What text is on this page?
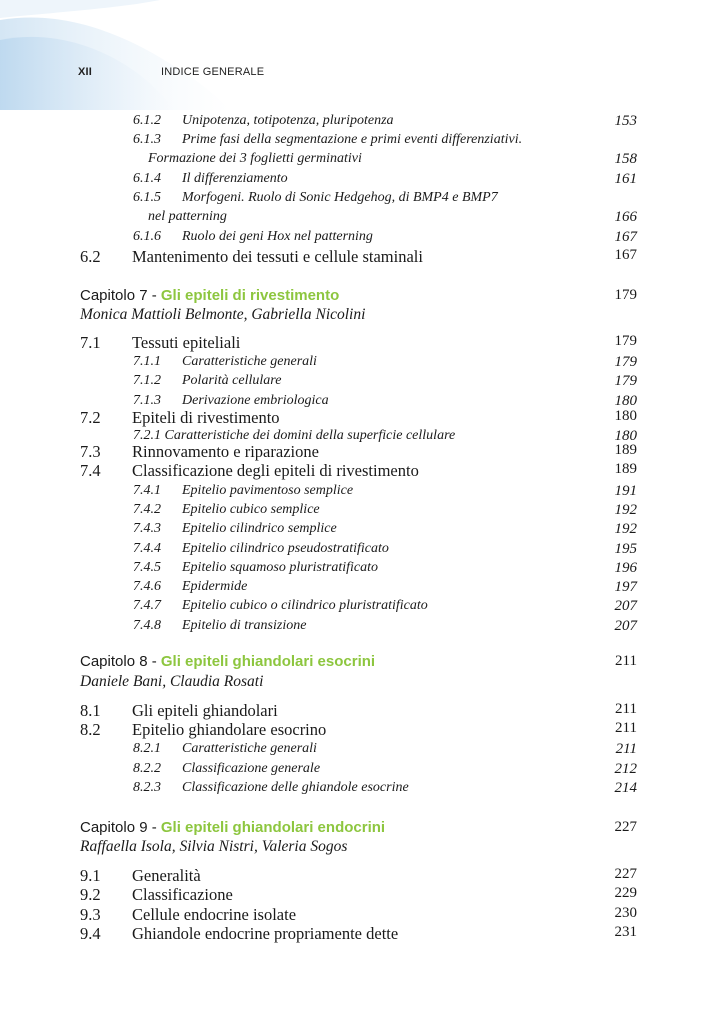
XII	INDICE GENERALE
6.1.2 Unipotenza, totipotenza, pluripotenza	153
6.1.3 Prime fasi della segmentazione e primi eventi differenziativi.
Formazione dei 3 foglietti germinativi	158
6.1.4 Il differenziamento	161
6.1.5 Morfogeni. Ruolo di Sonic Hedgehog, di BMP4 e BMP7
nel patterning	166
6.1.6 Ruolo dei geni Hox nel patterning	167
6.2 Mantenimento dei tessuti e cellule staminali	167
Capitolo 7 - Gli epiteli di rivestimento	179
Monica Mattioli Belmonte, Gabriella Nicolini
7.1 Tessuti epiteliali	179
7.1.1 Caratteristiche generali	179
7.1.2 Polarità cellulare	179
7.1.3 Derivazione embriologica	180
7.2 Epiteli di rivestimento	180
7.2.1 Caratteristiche dei domini della superficie cellulare	180
7.3 Rinnovamento e riparazione	189
7.4 Classificazione degli epiteli di rivestimento	189
7.4.1 Epitelio pavimentoso semplice	191
7.4.2 Epitelio cubico semplice	192
7.4.3 Epitelio cilindrico semplice	192
7.4.4 Epitelio cilindrico pseudostratificato	195
7.4.5 Epitelio squamoso pluristratificato	196
7.4.6 Epidermide	197
7.4.7 Epitelio cubico o cilindrico pluristratificato	207
7.4.8 Epitelio di transizione	207
Capitolo 8 - Gli epiteli ghiandolari esocrini	211
Daniele Bani, Claudia Rosati
8.1 Gli epiteli ghiandolari	211
8.2 Epitelio ghiandolare esocrino	211
8.2.1 Caratteristiche generali	211
8.2.2 Classificazione generale	212
8.2.3 Classificazione delle ghiandole esocrine	214
Capitolo 9 - Gli epiteli ghiandolari endocrini	227
Raffaella Isola, Silvia Nistri, Valeria Sogos
9.1 Generalità	227
9.2 Classificazione	229
9.3 Cellule endocrine isolate	230
9.4 Ghiandole endocrine propriamente dette	231
